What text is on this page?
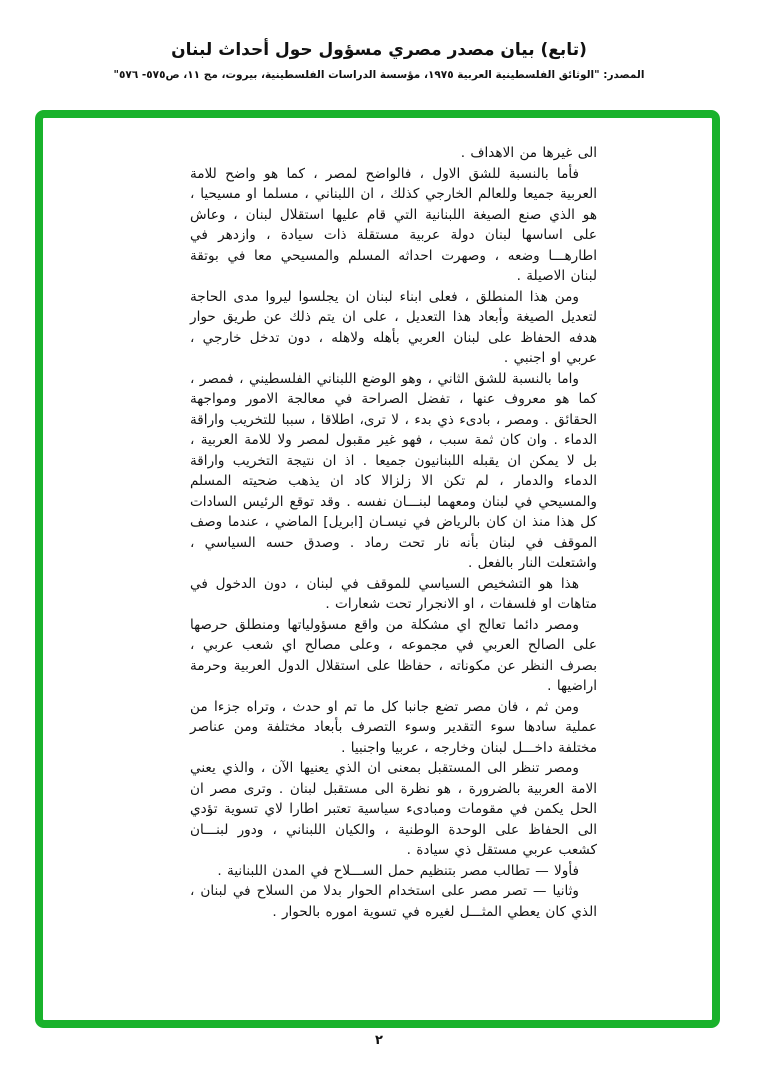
(تابع) بيان مصدر مصري مسؤول حول أحداث لبنان
المصدر: "الوثائق الفلسطينية العربية ١٩٧٥، مؤسسة الدراسات الفلسطينية، بيروت، مج ١١، ص٥٧٥- ٥٧٦"

الى غيرها من الاهداف .

فأما بالنسبة للشق الاول ، فالواضح لمصر ، كما هو واضح للامة العربية جميعا وللعالم الخارجي كذلك ، ان اللبناني ، مسلما او مسيحيا ، هو الذي صنع الصيغة اللبنانية التي قام عليها استقلال لبنان ، وعاش على اساسها لبنان دولة عربية مستقلة ذات سيادة ، وازدهر في اطارهـــا وضعه ، وصهرت احداثه المسلم والمسيحي معا في بوتقة لبنان الاصيلة .

ومن هذا المنطلق ، فعلى ابناء لبنان ان يجلسوا ليروا مدى الحاجة لتعديل الصيغة وأبعاد هذا التعديل ، على ان يتم ذلك عن طريق حوار هدفه الحفاظ على لبنان العربي بأهله ولاهله ، دون تدخل خارجي ، عربي او اجنبي .

واما بالنسبة للشق الثاني ، وهو الوضع اللبناني الفلسطيني ، فمصر ، كما هو معروف عنها ، تفضل الصراحة في معالجة الامور ومواجهة الحقائق . ومصر ، بادىء ذي بدء ، لا ترى، اطلاقا ، سببا للتخريب واراقة الدماء . وان كان ثمة سبب ، فهو غير مقبول لمصر ولا للامة العربية ، بل لا يمكن ان يقبله اللبنانيون جميعا . اذ ان نتيجة التخريب واراقة الدماء والدمار ، لم تكن الا زلزالا كاد ان يذهب ضحيته المسلم والمسيحي في لبنان ومعهما لبنـــان نفسه . وقد توقع الرئيس السادات كل هذا منذ ان كان بالرياض في نيسـان [ابريل] الماضي ، عندما وصف الموقف في لبنان بأنه نار تحت رماد . وصدق حسه السياسي ، واشتعلت النار بالفعل .

هذا هو التشخيص السياسي للموقف في لبنان ، دون الدخول في متاهات او فلسفات ، او الانجرار تحت شعارات .

ومصر دائما تعالج اي مشكلة من واقع مسؤولياتها ومنطلق حرصها على الصالح العربي في مجموعه ، وعلى مصالح اي شعب عربي ، بصرف النظر عن مكوناته ، حفاظا على استقلال الدول العربية وحرمة اراضيها .

ومن ثم ، فان مصر تضع جانبا كل ما تم او حدث ، وتراه جزءا من عملية سادها سوء التقدير وسوء التصرف بأبعاد مختلفة ومن عناصر مختلفة داخـــل لبنان وخارجه ، عربيا واجنبيا .

ومصر تنظر الى المستقبل بمعنى ان الذي يعنيها الآن ، والذي يعني الامة العربية بالضرورة ، هو نظرة الى مستقبل لبنان . وترى مصر ان الحل يكمن في مقومات ومبادىء سياسية تعتبر اطارا لاي تسوية تؤدي الى الحفاظ على الوحدة الوطنية ، والكيان اللبناني ، ودور لبنـــان كشعب عربي مستقل ذي سيادة .

فأولا — تطالب مصر بتنظيم حمل الســـلاح في المدن اللبنانية .

وثانيا — تصر مصر على استخدام الحوار بدلا من السلاح في لبنان ، الذي كان يعطي المثـــل لغيره في تسوية اموره بالحوار .

٢
